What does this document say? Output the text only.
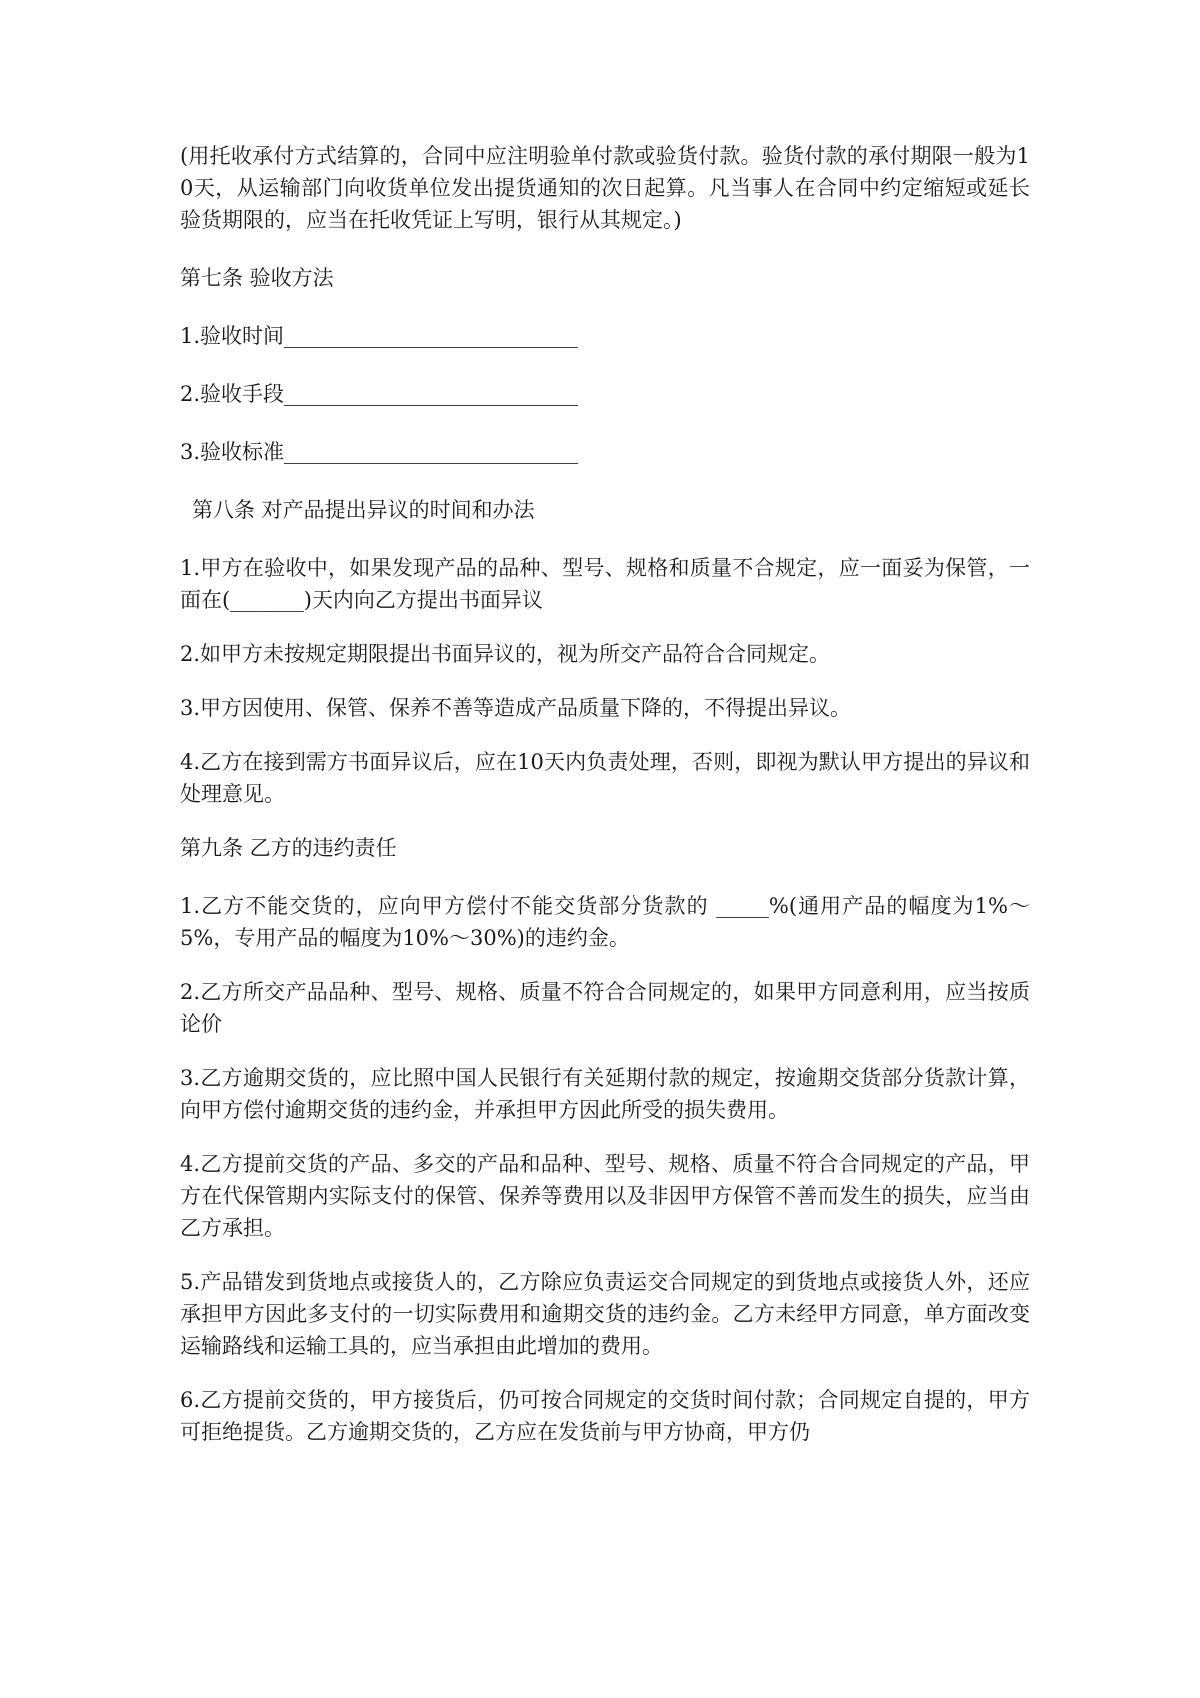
(用托收承付方式结算的，合同中应注明验单付款或验货付款。验货付款的承付期限一般为10天，从运输部门向收货单位发出提货通知的次日起算。凡当事人在合同中约定缩短或延长验货期限的，应当在托收凭证上写明，银行从其规定。)

第七条 验收方法
1.验收时间____________________________
2.验收手段____________________________
3.验收标准____________________________
第八条 对产品提出异议的时间和办法

1.甲方在验收中，如果发现产品的品种、型号、规格和质量不合规定，应一面妥为保管，一面在(_______)天内向乙方提出书面异议

2.如甲方未按规定期限提出书面异议的，视为所交产品符合合同规定。

3.甲方因使用、保管、保养不善等造成产品质量下降的，不得提出异议。

4.乙方在接到需方书面异议后，应在10天内负责处理，否则，即视为默认甲方提出的异议和处理意见。

第九条 乙方的违约责任

1.乙方不能交货的，应向甲方偿付不能交货部分货款的 _____%(通用产品的幅度为1%～5%，专用产品的幅度为10%～30%)的违约金。

2.乙方所交产品品种、型号、规格、质量不符合合同规定的，如果甲方同意利用，应当按质论价

3.乙方逾期交货的，应比照中国人民银行有关延期付款的规定，按逾期交货部分货款计算，向甲方偿付逾期交货的违约金，并承担甲方因此所受的损失费用。

4.乙方提前交货的产品、多交的产品和品种、型号、规格、质量不符合合同规定的产品，甲方在代保管期内实际支付的保管、保养等费用以及非因甲方保管不善而发生的损失，应当由乙方承担。

5.产品错发到货地点或接货人的，乙方除应负责运交合同规定的到货地点或接货人外，还应承担甲方因此多支付的一切实际费用和逾期交货的违约金。乙方未经甲方同意，单方面改变运输路线和运输工具的，应当承担由此增加的费用。

6.乙方提前交货的，甲方接货后，仍可按合同规定的交货时间付款；合同规定自提的，甲方可拒绝提货。乙方逾期交货的，乙方应在发货前与甲方协商，甲方仍
